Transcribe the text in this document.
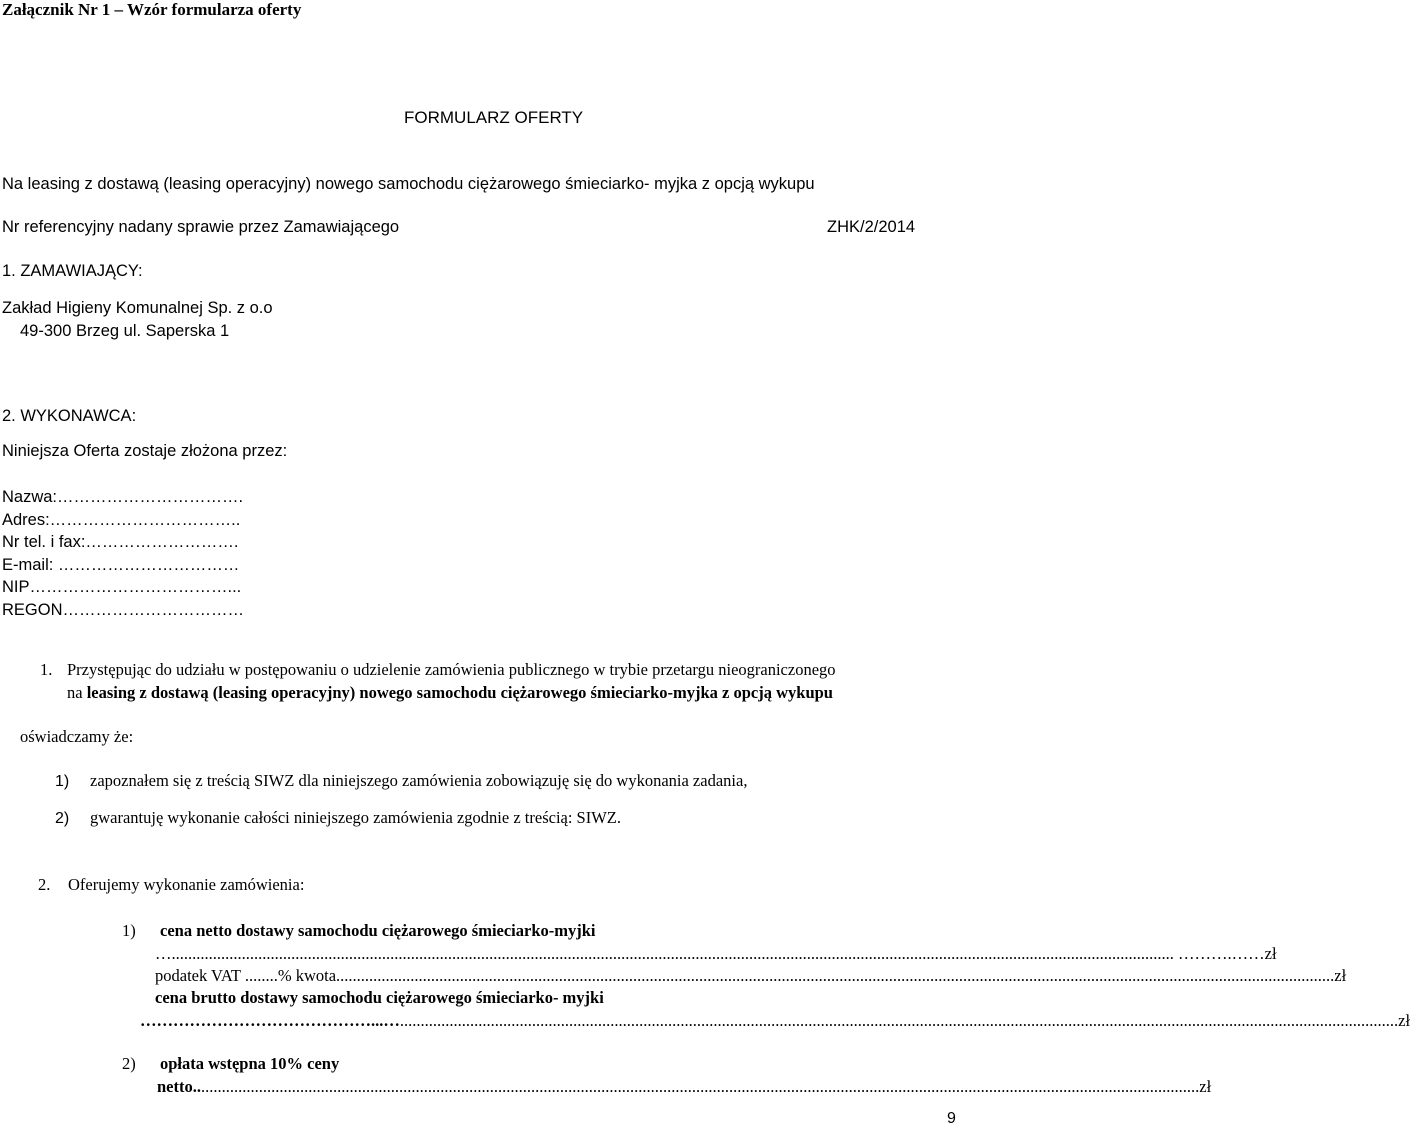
Załącznik Nr 1 – Wzór formularza oferty
FORMULARZ OFERTY
Na leasing z dostawą (leasing operacyjny) nowego samochodu ciężarowego śmieciarko- myjka z opcją wykupu
Nr referencyjny nadany sprawie przez Zamawiającego	ZHK/2/2014
1. ZAMAWIAJĄCY:
Zakład Higieny Komunalnej Sp. z o.o
49-300 Brzeg ul. Saperska 1
2. WYKONAWCA:
Niniejsza Oferta zostaje złożona przez:
Nazwa:…………………………….
Adres:……………………………..
Nr tel. i fax:……………………….
E-mail: ……………………………
NIP………………………………...
REGON……………………………
1. Przystępując do udziału w postępowaniu o udzielenie zamówienia publicznego w trybie przetargu nieograniczonego
na leasing z dostawą (leasing operacyjny) nowego samochodu ciężarowego śmieciarko-myjka z opcją wykupu
oświadczamy że:
1) zapoznałem się z treścią SIWZ dla niniejszego zamówienia zobowiązuję się do wykonania zadania,
2) gwarantuję wykonanie całości niniejszego zamówienia zgodnie z treścią: SIWZ.
2. Oferujemy wykonanie zamówienia:
1) cena netto dostawy samochodu ciężarowego śmieciarko-myjki
… .................................................................................................................................................................................................................................................. . ……….……zł
podatek VAT ........% kwota .................................................................................................................................................................................................................................................. zł
cena brutto dostawy samochodu ciężarowego śmieciarko- myjki
……………………………………...… .................................................................................................................................................................................................................................................. zł
2) opłata wstępna 10% ceny
netto.. .................................................................................................................................................................................................................................................. zł
9
